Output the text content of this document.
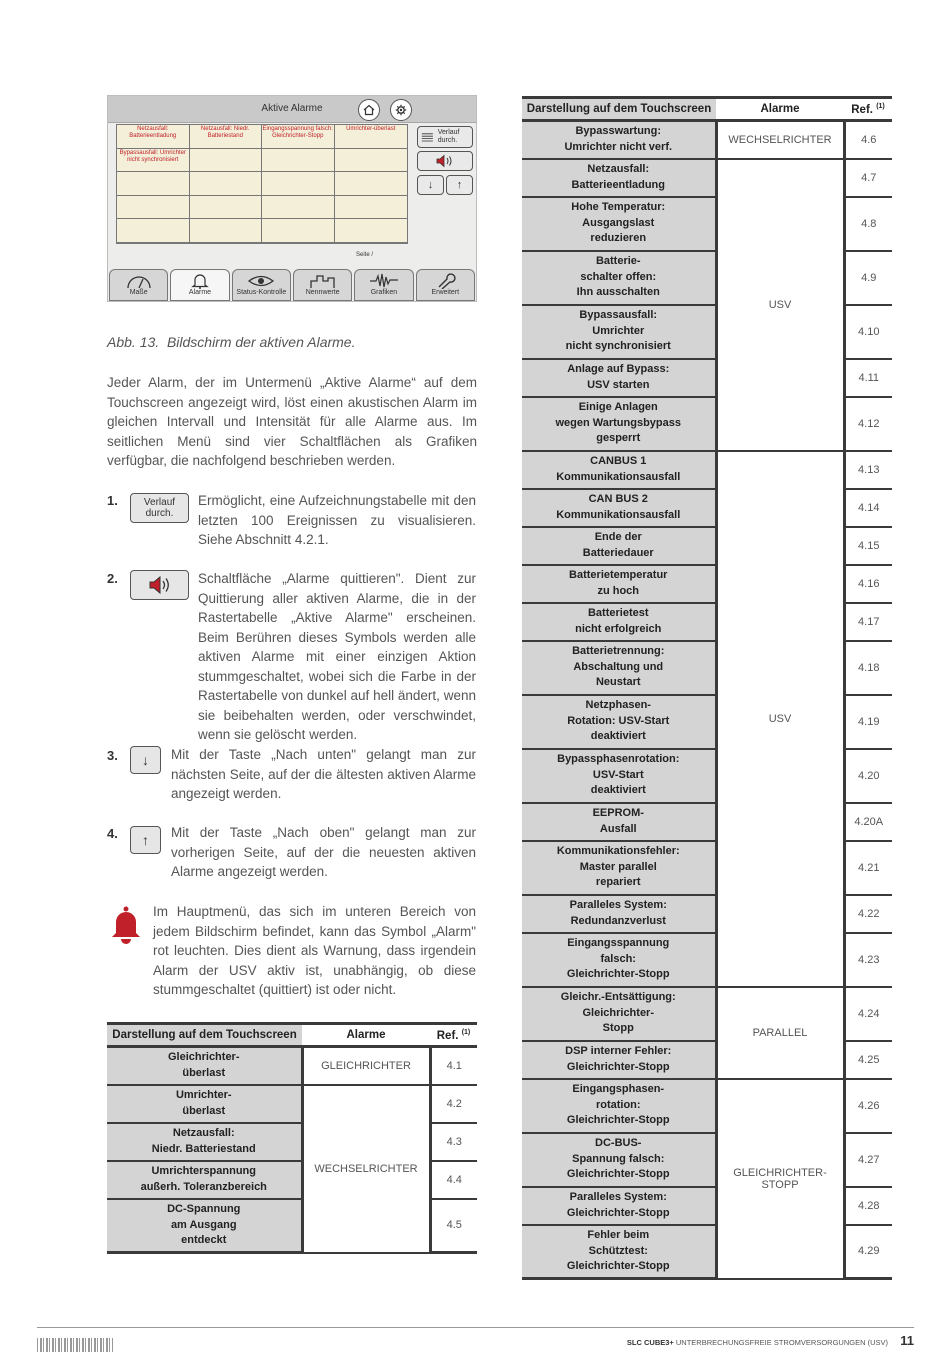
Aktive Alarme
Netzausfall: Batterieentladung
Netzausfall: Niedr. Batteriestand
Eingangsspannung falsch: Gleichrichter-Stopp
Umrichter-überlast
Bypassausfall: Umrichter nicht synchronisiert
Seite /
Verlauf durch.
↓ ↑
Maße	Alarme	Status-Kontrolle	Nennwerte	Grafiken	Erweitert
Abb. 13. Bildschirm der aktiven Alarme.
Jeder Alarm, der im Untermenü „Aktive Alarme“ auf dem Touchscreen angezeigt wird, löst einen akustischen Alarm im gleichen Intervall und Intensität für alle Alarme aus. Im seitlichen Menü sind vier Schaltflächen als Grafiken verfügbar, die nachfolgend beschrieben werden.
1.	Verlauf durch.
Ermöglicht, eine Aufzeichnungstabelle mit den letzten 100 Ereignissen zu visualisieren. Siehe Abschnitt 4.2.1.
2.	Schaltfläche „Alarme quittieren". Dient zur Quittierung aller aktiven Alarme, die in der Rastertabelle „Aktive Alarme" erscheinen. Beim Berühren dieses Symbols werden alle aktiven Alarme mit einer einzigen Aktion stummgeschaltet, wobei sich die Farbe in der Rastertabelle von dunkel auf hell ändert, wenn sie beibehalten werden, oder verschwindet, wenn sie gelöscht werden.
3. ↓ Mit der Taste „Nach unten" gelangt man zur nächsten Seite, auf der die ältesten aktiven Alarme angezeigt werden.
4. ↑ Mit der Taste „Nach oben" gelangt man zur vorherigen Seite, auf der die neuesten aktiven Alarme angezeigt werden.
Im Hauptmenü, das sich im unteren Bereich von jedem Bildschirm befindet, kann das Symbol „Alarm" rot leuchten. Dies dient als Warnung, dass irgendein Alarm der USV aktiv ist, unabhängig, ob diese stummgeschaltet (quittiert) ist oder nicht.
Darstellung auf dem Touchscreen	Alarme	Ref. $^{(1)}$
Gleichrichter-
überlast	GLEICHRICHTER	4.1
Umrichter-
überlast	WECHSELRICHTER	4.2
Netzausfall:
Niedr. Batteriestand		4.3
Umrichterspannung
außerh. Toleranzbereich		4.4
DC-Spannung
am Ausgang
entdeckt		4.5
Darstellung auf dem Touchscreen	Alarme	Ref. $^{(1)}$
Bypasswartung:
Umrichter nicht verf.	WECHSELRICHTER	4.6
Netzausfall:
Batterieentladung	USV	4.7
Hohe Temperatur:
Ausgangslast
reduzieren		4.8
Batterie-
schalter offen:
Ihn ausschalten		4.9
Bypassausfall:
Umrichter
nicht synchronisiert		4.10
Anlage auf Bypass:
USV starten		4.11
Einige Anlagen
wegen Wartungsbypass
gesperrt		4.12
CANBUS 1
Kommunikationsausfall	USV	4.13
CAN BUS 2
Kommunikationsausfall		4.14
Ende der
Batteriedauer		4.15
Batterietemperatur
zu hoch		4.16
Batterietest
nicht erfolgreich		4.17
Batterietrennung:
Abschaltung und
Neustart		4.18
Netzphasen-
Rotation: USV-Start
deaktiviert		4.19
Bypassphasenrotation:
USV-Start
deaktiviert		4.20
EEPROM-
Ausfall		4.20A
Kommunikationsfehler:
Master parallel
repariert		4.21
Paralleles System:
Redundanzverlust		4.22
Eingangsspannung
falsch:
Gleichrichter-Stopp		4.23
Gleichr.-Entsättigung:
Gleichrichter-
Stopp	PARALLEL	4.24
DSP interner Fehler:
Gleichrichter-Stopp		4.25
Eingangsphasen-
rotation:
Gleichrichter-Stopp	GLEICHRICHTER-STOPP	4.26
DC-BUS-
Spannung falsch:
Gleichrichter-Stopp		4.27
Paralleles System:
Gleichrichter-Stopp		4.28
Fehler beim
Schütztest:
Gleichrichter-Stopp		4.29
SLC CUBE3+ UNTERBRECHUNGSFREIE STROMVERSORGUNGEN (USV) 11
